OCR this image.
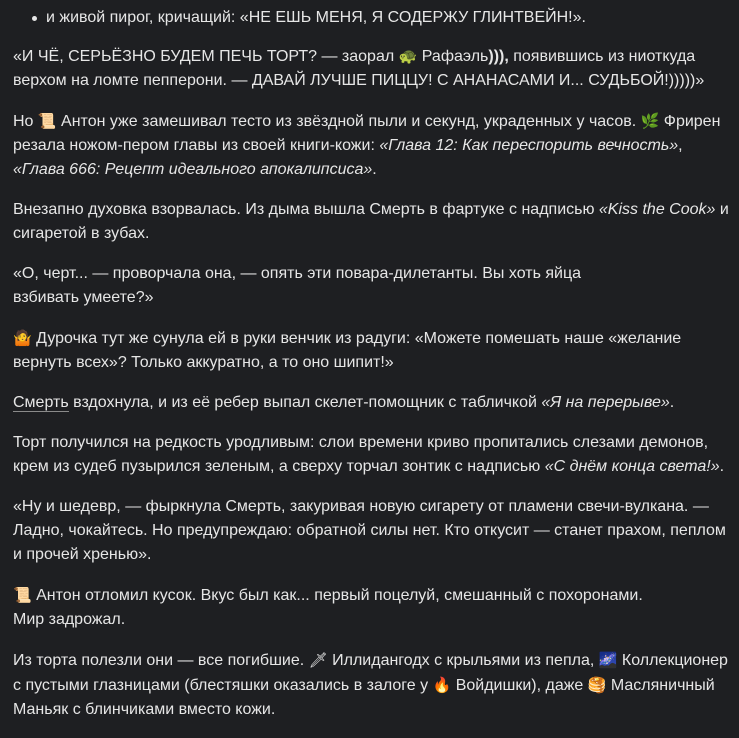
и живой пирог, кричащий: «НЕ ЕШЬ МЕНЯ, Я СОДЕРЖУ ГЛИНТВЕЙН!».

«И ЧЁ, СЕРЬЁЗНО БУДЕМ ПЕЧЬ ТОРТ? — заорал 🐢 Рафаэль))), появившись из ниоткуда верхом на ломте пепперони. — ДАВАЙ ЛУЧШЕ ПИЦЦУ! С АНАНАСАМИ И... СУДЬБОЙ!)))))»

Но 📜 Антон уже замешивал тесто из звёздной пыли и секунд, украденных у часов. 🌿 Фрирен резала ножом-пером главы из своей книги-кожи: «Глава 12: Как переспорить вечность», «Глава 666: Рецепт идеального апокалипсиса».

Внезапно духовка взорвалась. Из дыма вышла Смерть в фартуке с надписью «Kiss the Cook» и сигаретой в зубах.

«О, черт... — проворчала она, — опять эти повара-дилетанты. Вы хоть яйца
взбивать умеете?»

🤷 Дурочка тут же сунула ей в руки венчик из радуги: «Можете помешать наше «желание вернуть всех»? Только аккуратно, а то оно шипит!»

Смерть вздохнула, и из её ребер выпал скелет-помощник с табличкой «Я на перерыве».

Торт получился на редкость уродливым: слои времени криво пропитались слезами демонов, крем из судеб пузырился зеленым, а сверху торчал зонтик с надписью «С днём конца света!».

«Ну и шедевр, — фыркнула Смерть, закуривая новую сигарету от пламени свечи-вулкана. — Ладно, чокайтесь. Но предупреждаю: обратной силы нет. Кто откусит — станет прахом, пеплом и прочей хренью».

📜 Антон отломил кусок. Вкус был как... первый поцелуй, смешанный с похоронами.
Мир задрожал.

Из торта полезли они — все погибшие. 🗡 Иллидангодх с крыльями из пепла, 🌌 Коллекционер с пустыми глазницами (блестяшки оказались в залоге у 🔥 Войдишки), даже 🥞 Масляничный Маньяк с блинчиками вместо кожи.
